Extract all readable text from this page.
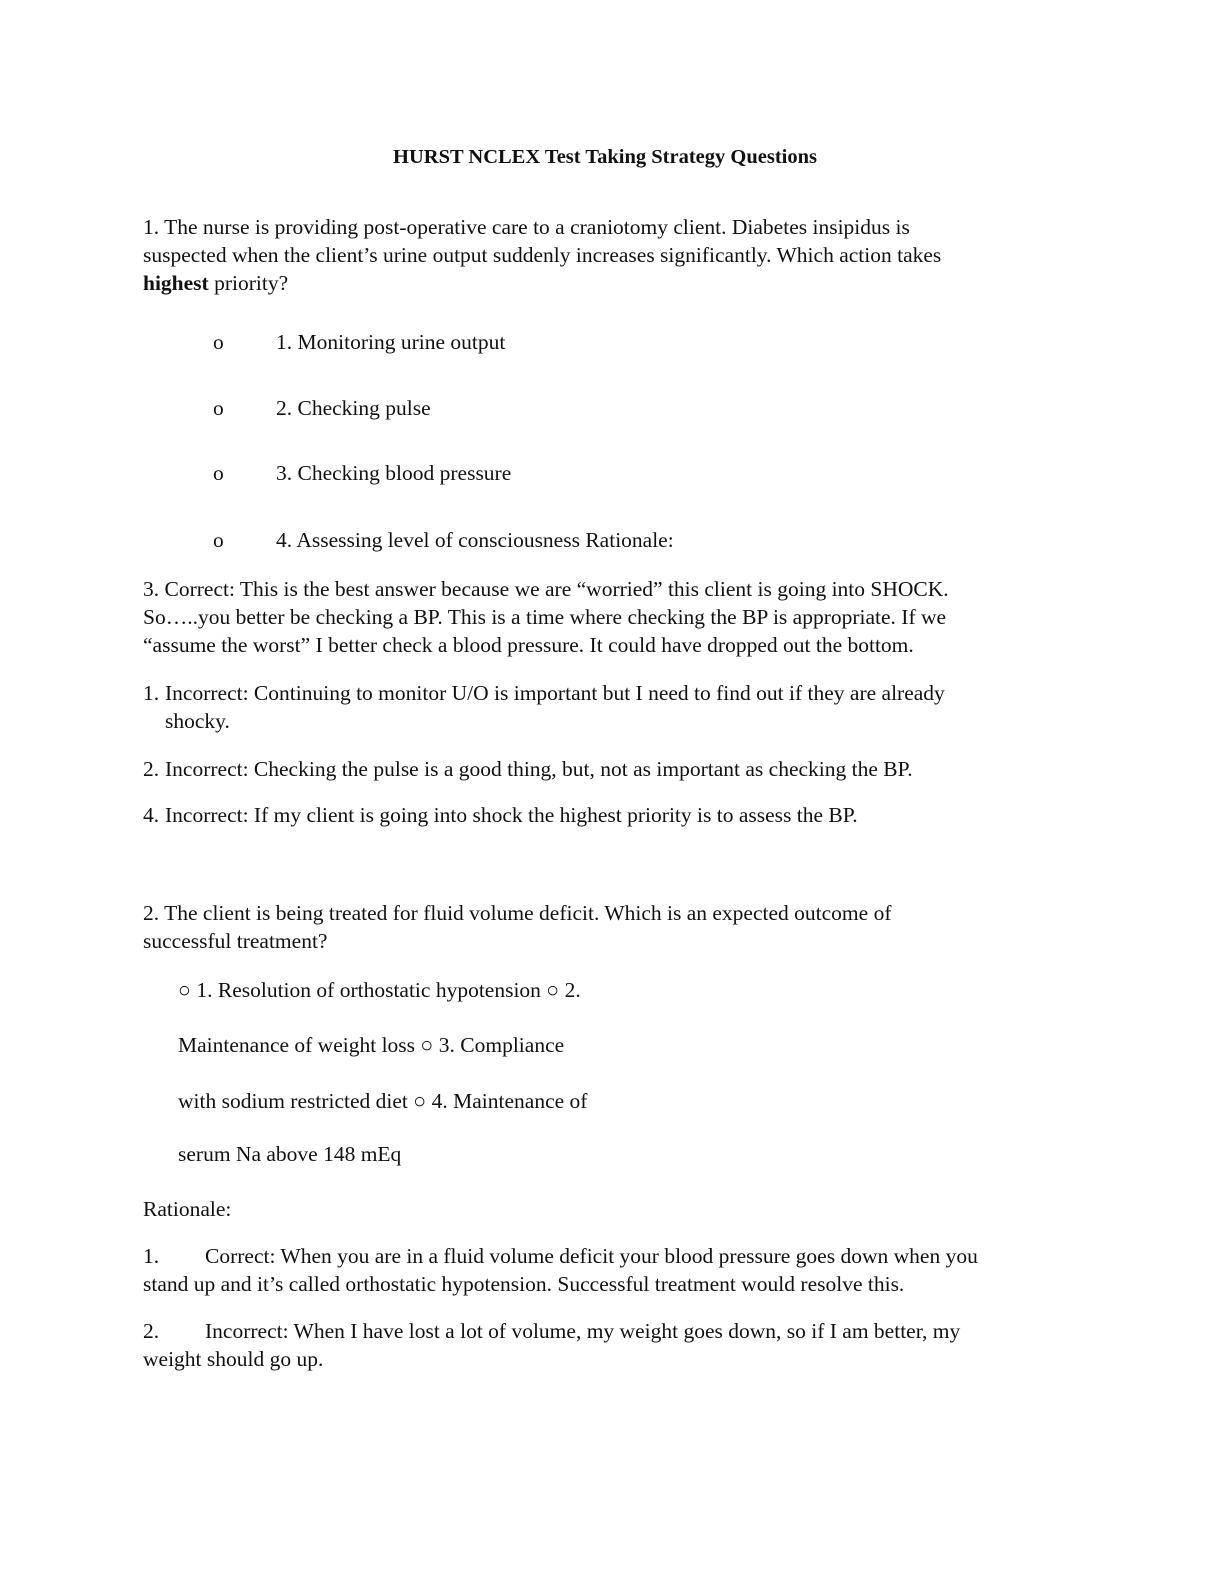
HURST NCLEX Test Taking Strategy Questions
1. The nurse is providing post-operative care to a craniotomy client. Diabetes insipidus is
suspected when the client’s urine output suddenly increases significantly. Which action takes
highest priority?
o 1. Monitoring urine output
o 2. Checking pulse
o 3. Checking blood pressure
o 4. Assessing level of consciousness Rationale:
3. Correct: This is the best answer because we are “worried” this client is going into SHOCK.
So…..you better be checking a BP. This is a time where checking the BP is appropriate. If we
“assume the worst” I better check a blood pressure. It could have dropped out the bottom.
1. Incorrect: Continuing to monitor U/O is important but I need to find out if they are already
shocky.
2. Incorrect: Checking the pulse is a good thing, but, not as important as checking the BP.
4. Incorrect: If my client is going into shock the highest priority is to assess the BP.
2. The client is being treated for fluid volume deficit. Which is an expected outcome of
successful treatment?
○ 1. Resolution of orthostatic hypotension ○ 2.
Maintenance of weight loss ○ 3. Compliance
with sodium restricted diet ○ 4. Maintenance of
serum Na above 148 mEq
Rationale:
1. Correct: When you are in a fluid volume deficit your blood pressure goes down when you
stand up and it’s called orthostatic hypotension. Successful treatment would resolve this.
2. Incorrect: When I have lost a lot of volume, my weight goes down, so if I am better, my
weight should go up.
